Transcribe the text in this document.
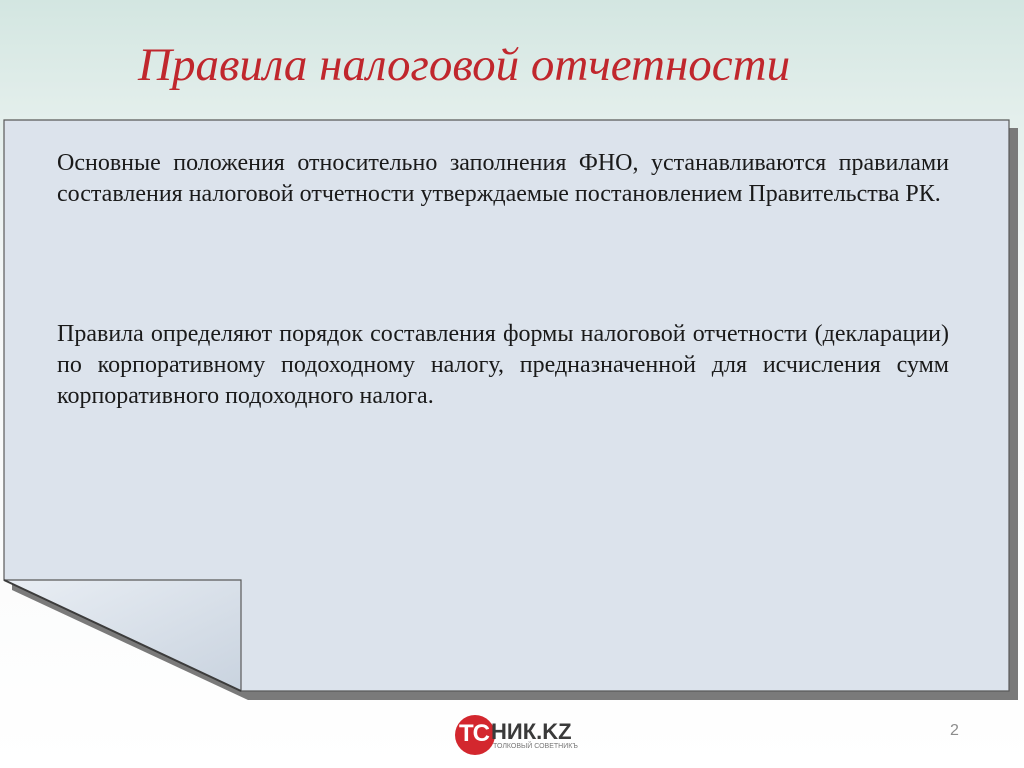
Правила налоговой отчетности

Основные положения относительно заполнения ФНО, устанавливаются правилами составления налоговой отчетности утверждаемые постановлением Правительства РК.

Правила определяют порядок составления формы налоговой отчетности (декларации) по корпоративному подоходному налогу, предназначенной для исчисления сумм корпоративного подоходного налога.

ТС НИК.KZ
ТОЛКОВЫЙ СОВЕТНИКЪ
2
